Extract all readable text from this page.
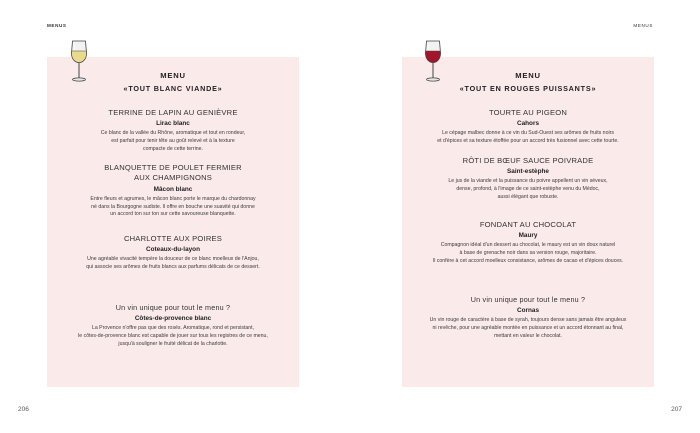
MENUS	MENUS
MENU
«TOUT BLANC VIANDE»
TERRINE DE LAPIN AU GENIÈVRE
Lirac blanc
Ce blanc de la vallée du Rhône, aromatique et tout en rondeur,
est parfait pour tenir tête au goût relevé et à la texture
compacte de cette terrine.
BLANQUETTE DE POULET FERMIER
AUX CHAMPIGNONS
Mâcon blanc
Entre fleurs et agrumes, le mâcon blanc porte le marque du chardonnay
né dans la Bourgogne sudiste. Il offre en bouche une suavité qui donne
un accord ton sur ton sur cette savoureuse blanquette.
CHARLOTTE AUX POIRES
Coteaux-du-layon
Une agréable vivacité tempère la douceur de ce blanc moelleux de l'Anjou,
qui associe ses arômes de fruits blancs aux parfums délicats de ce dessert.
Un vin unique pour tout le menu ?
Côtes-de-provence blanc
La Provence n'offre pas que des rosés. Aromatique, rond et persistant,
le côtes-de-provence blanc est capable de jouer sur tous les registres de ce menu,
jusqu'à souligner le fruité délicat de la charlotte.
MENU
«TOUT EN ROUGES PUISSANTS»
TOURTE AU PIGEON
Cahors
Le cépage malbec donne à ce vin du Sud-Ouest ses arômes de fruits noirs
et d'épices et sa texture étoffée pour un accord très fusionnel avec cette tourte.
RÔTI DE BŒUF SAUCE POIVRADE
Saint-estèphe
Le jus de la viande et la puissance du poivre appellent un vin séveux,
dense, profond, à l'image de ce saint-estèphe venu du Médoc,
aussi élégant que robuste.
FONDANT AU CHOCOLAT
Maury
Compagnon idéal d'un dessert au chocolat, le maury est un vin doux naturel
à base de grenache noir dans sa version rouge, majoritaire.
Il confère à cet accord moelleux consistance, arômes de cacao et d'épices douces.
Un vin unique pour tout le menu ?
Cornas
Un vin rouge de caractère à base de syrah, toujours dense sans jamais être anguleux
ni revêche, pour une agréable montée en puissance et un accord étonnant au final,
mettant en valeur le chocolat.
206	207
